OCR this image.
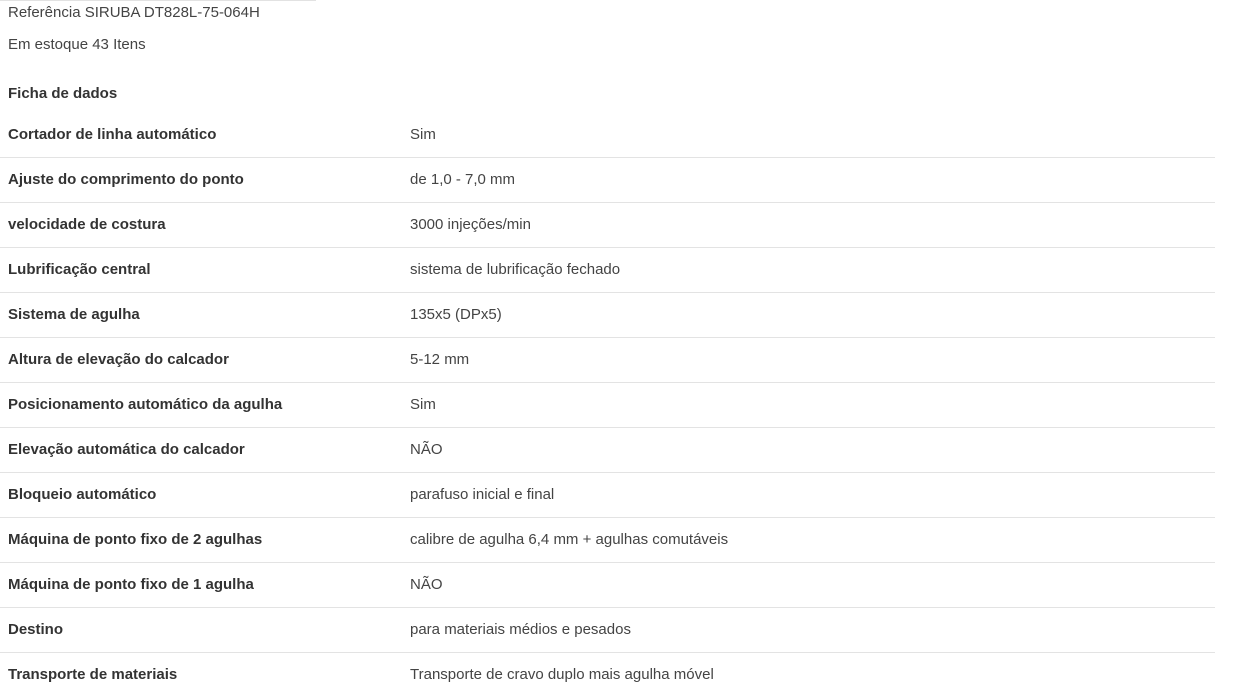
Referência SIRUBA DT828L-75-064H
Em estoque 43 Itens
Ficha de dados
Cortador de linha automático	Sim
Ajuste do comprimento do ponto	de 1,0 - 7,0 mm
velocidade de costura	3000 injeções/min
Lubrificação central	sistema de lubrificação fechado
Sistema de agulha	135x5 (DPx5)
Altura de elevação do calcador	5-12 mm
Posicionamento automático da agulha	Sim
Elevação automática do calcador	NÃO
Bloqueio automático	parafuso inicial e final
Máquina de ponto fixo de 2 agulhas	calibre de agulha 6,4 mm + agulhas comutáveis
Máquina de ponto fixo de 1 agulha	NÃO
Destino	para materiais médios e pesados
Transporte de materiais	Transporte de cravo duplo mais agulha móvel
